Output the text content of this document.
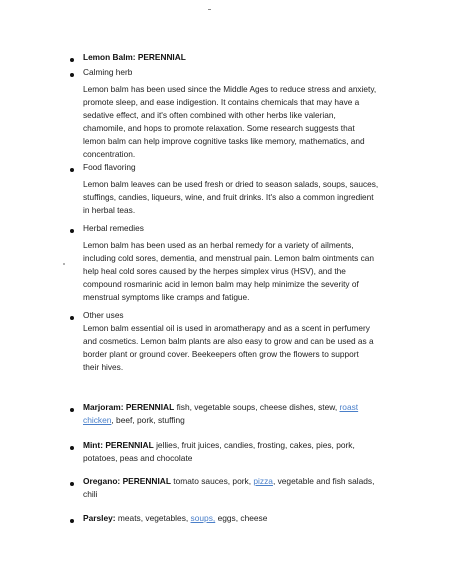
Lemon Balm: PERENNIAL
Calming herb
Lemon balm has been used since the Middle Ages to reduce stress and anxiety,
promote sleep, and ease indigestion. It contains chemicals that may have a
sedative effect, and it's often combined with other herbs like valerian,
chamomile, and hops to promote relaxation. Some research suggests that
lemon balm can help improve cognitive tasks like memory, mathematics, and
concentration.
Food flavoring
Lemon balm leaves can be used fresh or dried to season salads, soups, sauces,
stuffings, candies, liqueurs, wine, and fruit drinks. It's also a common ingredient
in herbal teas.
Herbal remedies
Lemon balm has been used as an herbal remedy for a variety of ailments,
including cold sores, dementia, and menstrual pain. Lemon balm ointments can
help heal cold sores caused by the herpes simplex virus (HSV), and the
compound rosmarinic acid in lemon balm may help minimize the severity of
menstrual symptoms like cramps and fatigue.
Other uses
Lemon balm essential oil is used in aromatherapy and as a scent in perfumery
and cosmetics. Lemon balm plants are also easy to grow and can be used as a
border plant or ground cover. Beekeepers often grow the flowers to support
their hives.
Marjoram: PERENNIAL fish, vegetable soups, cheese dishes, stew, roast
chicken, beef, pork, stuffing
Mint: PERENNIAL jellies, fruit juices, candies, frosting, cakes, pies, pork,
potatoes, peas and chocolate
Oregano: PERENNIAL tomato sauces, pork, pizza, vegetable and fish salads,
chili
Parsley: meats, vegetables, soups, eggs, cheese
